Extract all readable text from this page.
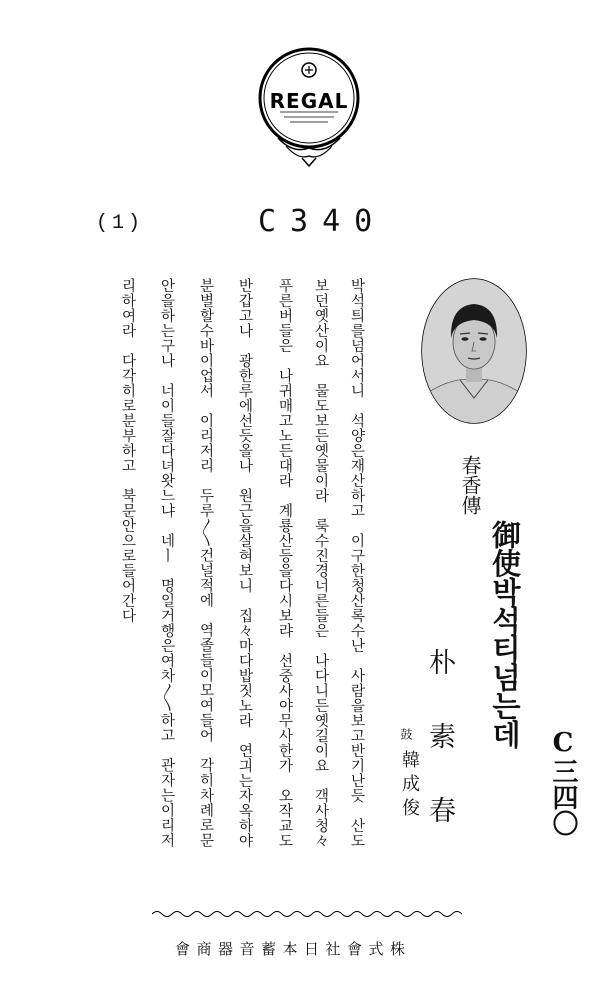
REGAL
(1)	C340
春香傳
御使박석티넘는데
C三四〇
朴　素　春
鼓
韓成俊
박석틔를넘어서니　석양은재산하고　이구한청산록수난　사람을보고반기난듯　산도
보던옛산이요　물도보든옛물이라　룩수진경너른들은　나다니든옛길이요　객사청々
푸른버들은　나귀매고노든대라　계룡산등을다시보랴　선중사야무사한가　오작교도
반갑고나　광한루에선듯올나　원근을살혀보니　집々마다밥짓노라　연긔는자옥하야
분별할수바이업서　이리저리　두루〱건널적에　역졸들이모여들어　각히차례로문
안을하는구나　너이들잘다녀왓느냐　네ㅣ　명일거행은여차〱하고　관자는이리저
리하여라　다각히로분부하고　북문안으로들어간다
株式會社日本蓄音器商會
